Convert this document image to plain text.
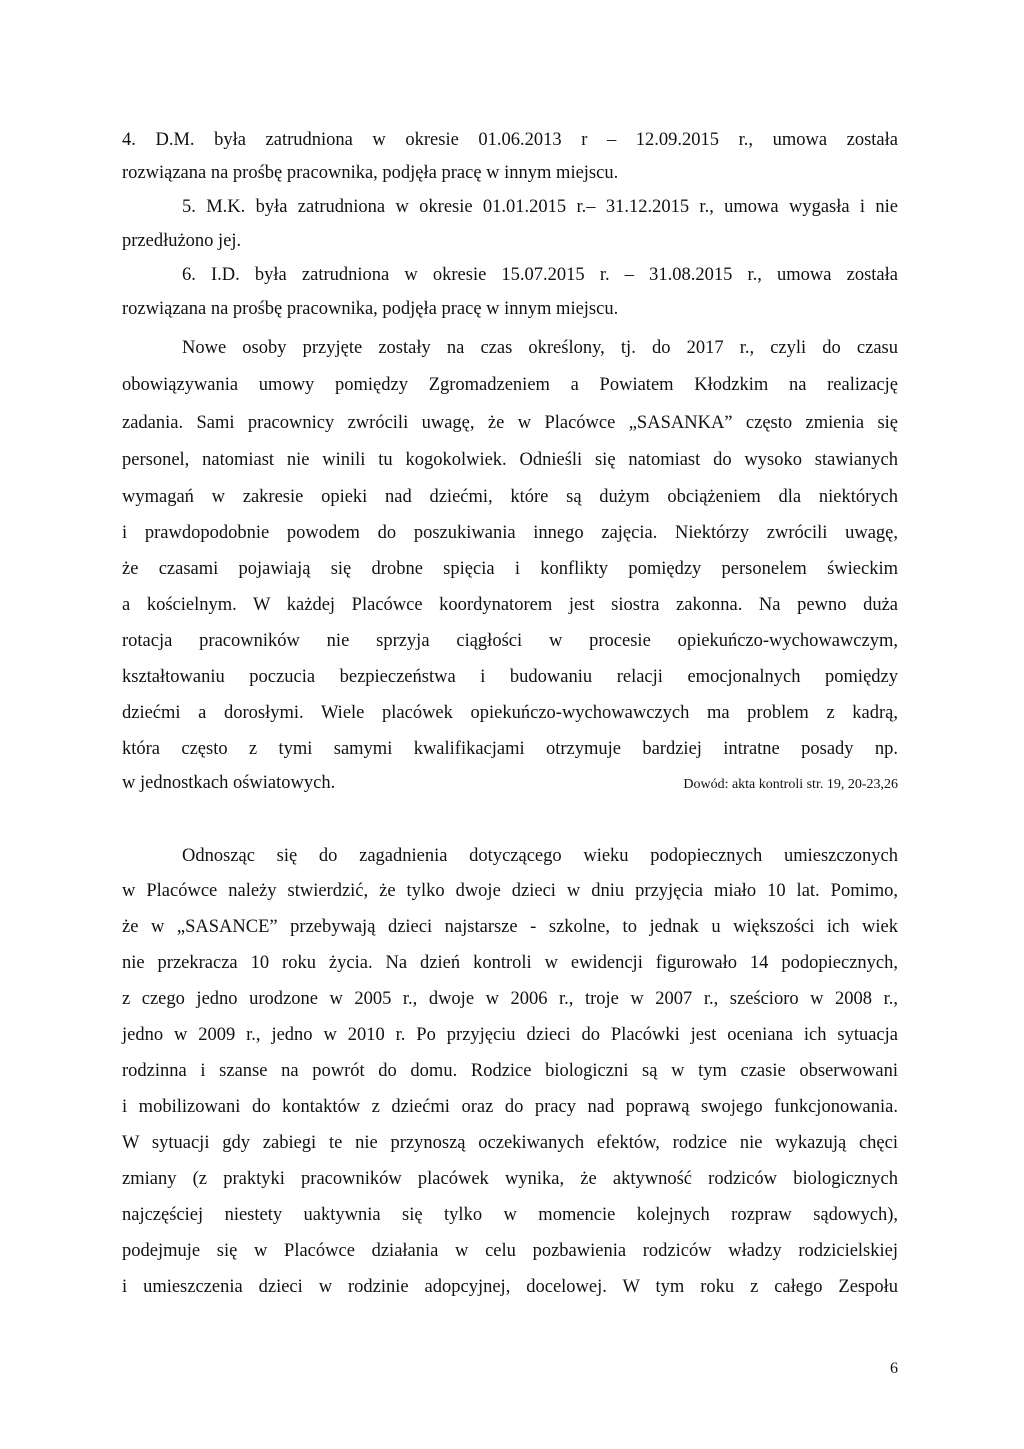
4. D.M. była zatrudniona w okresie 01.06.2013 r – 12.09.2015 r., umowa została
rozwiązana na prośbę pracownika, podjęła pracę w innym miejscu.
5. M.K. była zatrudniona w okresie 01.01.2015 r.– 31.12.2015 r., umowa wygasła i nie
przedłużono jej.
6. I.D. była zatrudniona w okresie 15.07.2015 r. – 31.08.2015 r., umowa została
rozwiązana na prośbę pracownika, podjęła pracę w innym miejscu.
Nowe osoby przyjęte zostały na czas określony, tj. do 2017 r., czyli do czasu
obowiązywania umowy pomiędzy Zgromadzeniem a Powiatem Kłodzkim na realizację
zadania. Sami pracownicy zwrócili uwagę, że w Placówce „SASANKA” często zmienia się
personel, natomiast nie winili tu kogokolwiek. Odnieśli się natomiast do wysoko stawianych
wymagań w zakresie opieki nad dziećmi, które są dużym obciążeniem dla niektórych
i prawdopodobnie powodem do poszukiwania innego zajęcia. Niektórzy zwrócili uwagę,
że czasami pojawiają się drobne spięcia i konflikty pomiędzy personelem świeckim
a kościelnym. W każdej Placówce koordynatorem jest siostra zakonna. Na pewno duża
rotacja pracowników nie sprzyja ciągłości w procesie opiekuńczo-wychowawczym,
kształtowaniu poczucia bezpieczeństwa i budowaniu relacji emocjonalnych pomiędzy
dziećmi a dorosłymi. Wiele placówek opiekuńczo-wychowawczych ma problem z kadrą,
która często z tymi samymi kwalifikacjami otrzymuje bardziej intratne posady np.
w jednostkach oświatowych.	Dowód: akta kontroli str. 19, 20-23,26
Odnosząc się do zagadnienia dotyczącego wieku podopiecznych umieszczonych
w Placówce należy stwierdzić, że tylko dwoje dzieci w dniu przyjęcia miało 10 lat. Pomimo,
że w „SASANCE” przebywają dzieci najstarsze - szkolne, to jednak u większości ich wiek
nie przekracza 10 roku życia. Na dzień kontroli w ewidencji figurowało 14 podopiecznych,
z czego jedno urodzone w 2005 r., dwoje w 2006 r., troje w 2007 r., sześcioro w 2008 r.,
jedno w 2009 r., jedno w 2010 r. Po przyjęciu dzieci do Placówki jest oceniana ich sytuacja
rodzinna i szanse na powrót do domu. Rodzice biologiczni są w tym czasie obserwowani
i mobilizowani do kontaktów z dziećmi oraz do pracy nad poprawą swojego funkcjonowania.
W sytuacji gdy zabiegi te nie przynoszą oczekiwanych efektów, rodzice nie wykazują chęci
zmiany (z praktyki pracowników placówek wynika, że aktywność rodziców biologicznych
najczęściej niestety uaktywnia się tylko w momencie kolejnych rozpraw sądowych),
podejmuje się w Placówce działania w celu pozbawienia rodziców władzy rodzicielskiej
i umieszczenia dzieci w rodzinie adopcyjnej, docelowej. W tym roku z całego Zespołu
6
